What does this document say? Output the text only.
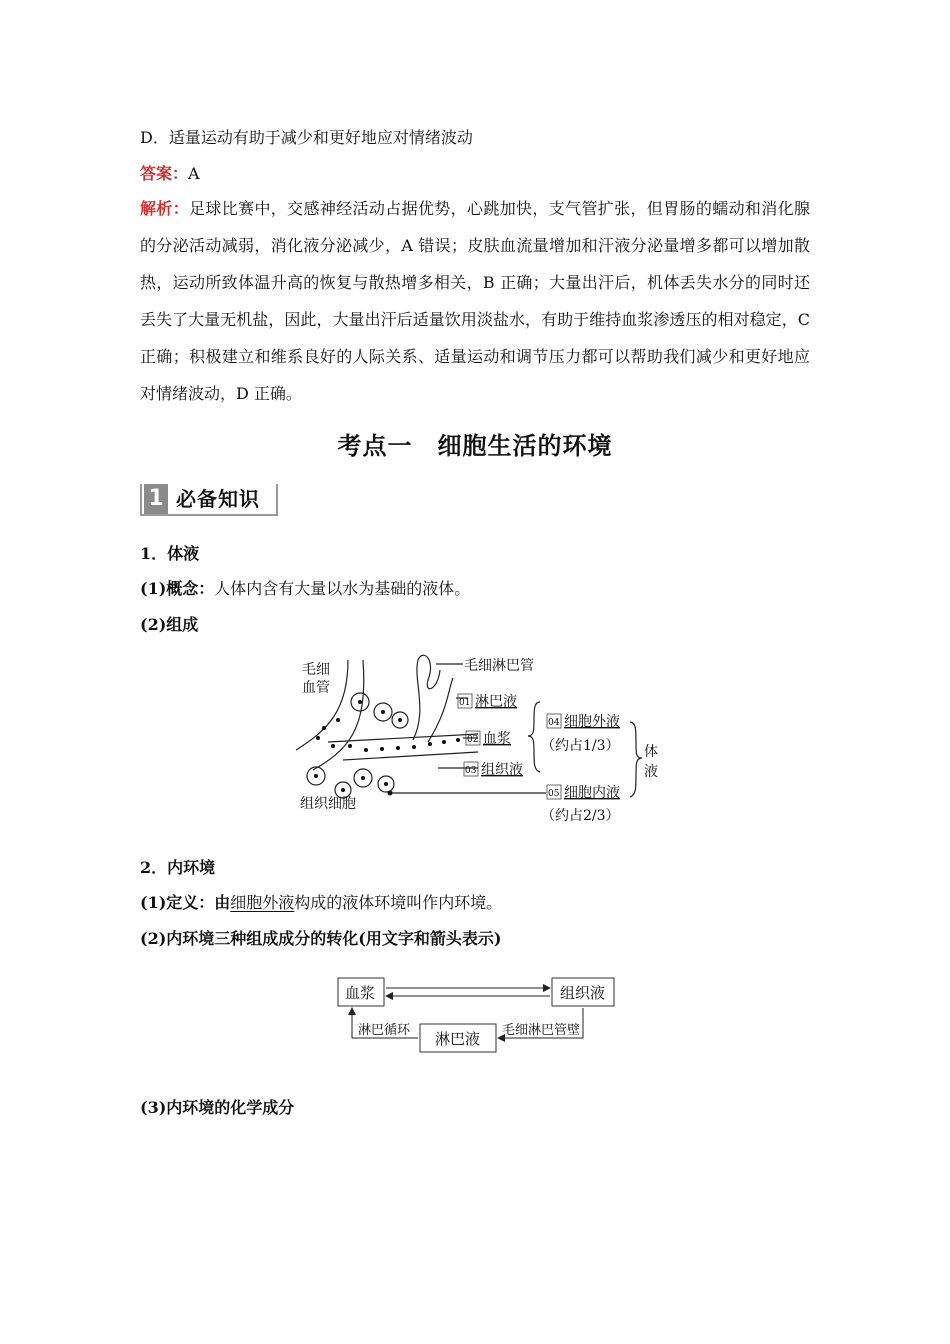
D．适量运动有助于减少和更好地应对情绪波动
答案：A
解析：足球比赛中，交感神经活动占据优势，心跳加快，支气管扩张，但胃肠的蠕动和消化腺的分泌活动减弱，消化液分泌减少，A 错误；皮肤血流量增加和汗液分泌量增多都可以增加散热，运动所致体温升高的恢复与散热增多相关，B 正确；大量出汗后，机体丢失水分的同时还丢失了大量无机盐，因此，大量出汗后适量饮用淡盐水，有助于维持血浆渗透压的相对稳定，C 正确；积极建立和维系良好的人际关系、适量运动和调节压力都可以帮助我们减少和更好地应对情绪波动，D 正确。
考点一　细胞生活的环境
1 必备知识
1．体液
(1)概念：人体内含有大量以水为基础的液体。
(2)组成
毛细
血管
毛细淋巴管
组织细胞
01 淋巴液
02 血浆
03 组织液
04 细胞外液
（约占1/3）
05 细胞内液
（约占2/3）
体
液
2．内环境
(1)定义：由细胞外液构成的液体环境叫作内环境。
(2)内环境三种组成成分的转化(用文字和箭头表示)
血浆	组织液
淋巴液
淋巴循环	毛细淋巴管壁
(3)内环境的化学成分
